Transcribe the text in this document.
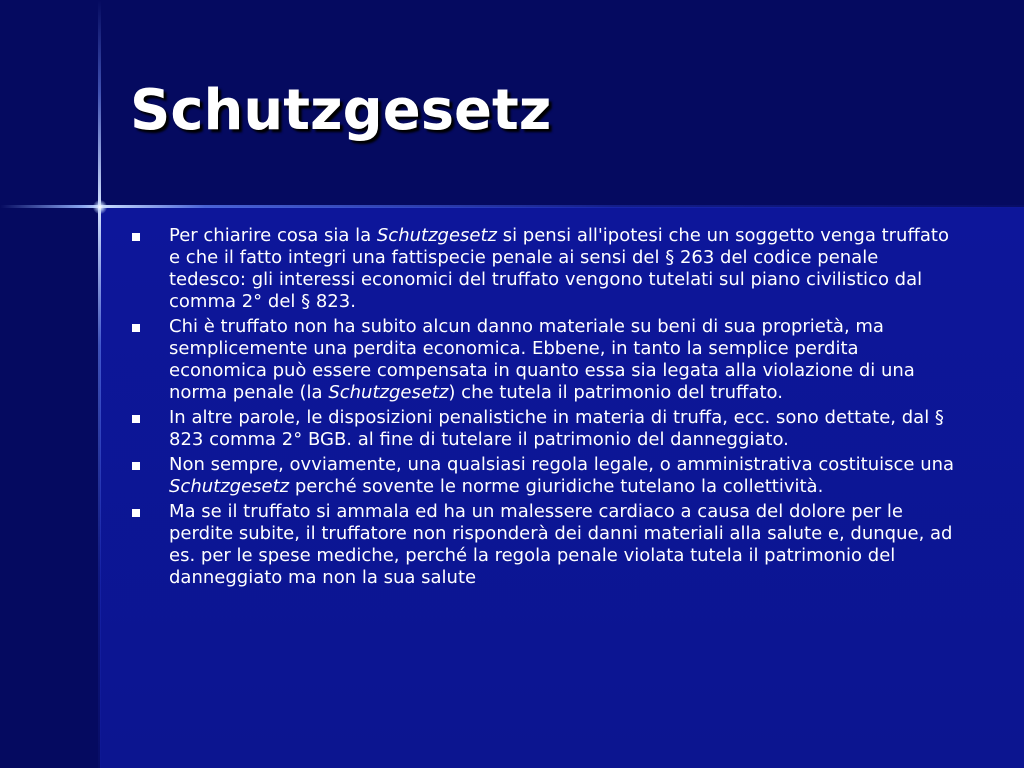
Schutzgesetz
Per chiarire cosa sia la Schutzgesetz si pensi all'ipotesi che un soggetto venga truffato e che il fatto integri una fattispecie penale ai sensi del § 263 del codice penale tedesco: gli interessi economici del truffato vengono tutelati sul piano civilistico dal comma 2° del § 823.
Chi è truffato non ha subito alcun danno materiale su beni di sua proprietà, ma semplicemente una perdita economica. Ebbene, in tanto la semplice perdita economica può essere compensata in quanto essa sia legata alla violazione di una norma penale (la Schutzgesetz) che tutela il patrimonio del truffato.
In altre parole, le disposizioni penalistiche in materia di truffa, ecc. sono dettate, dal § 823 comma 2° BGB. al fine di tutelare il patrimonio del danneggiato.
Non sempre, ovviamente, una qualsiasi regola legale, o amministrativa costituisce una Schutzgesetz perché sovente le norme giuridiche tutelano la collettività.
Ma se il truffato si ammala ed ha un malessere cardiaco a causa del dolore per le perdite subite, il truffatore non risponderà dei danni materiali alla salute e, dunque, ad es. per le spese mediche, perché la regola penale violata tutela il patrimonio del danneggiato ma non la sua salute
